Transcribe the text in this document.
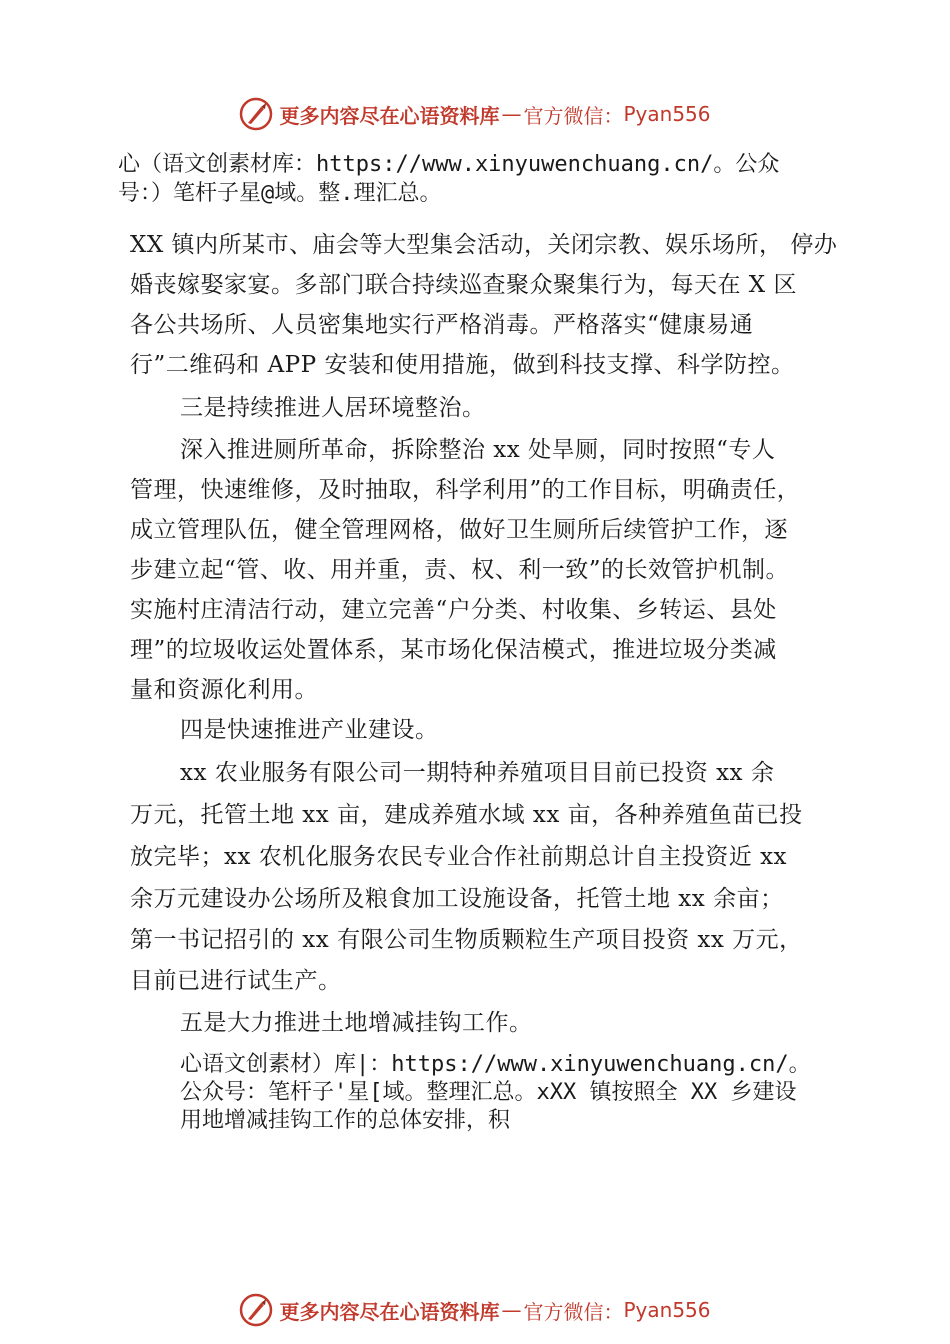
更多内容尽在心语资料库 — 官方微信： Pyan556
心（语文创素材库：https://www.xinyuwenchuang.cn/。公众
号：）笔杆子星@域。整.理汇总。
XX 镇内所某市、庙会等大型集会活动，关闭宗教、娱乐场所， 停办
婚丧嫁娶家宴。多部门联合持续巡查聚众聚集行为，每天在 X 区
各公共场所、人员密集地实行严格消毒。严格落实“健康易通
行”二维码和 APP 安装和使用措施，做到科技支撑、科学防控。
三是持续推进人居环境整治。
深入推进厕所革命，拆除整治 xx 处旱厕，同时按照“专人
管理，快速维修，及时抽取，科学利用”的工作目标，明确责任，
成立管理队伍，健全管理网格，做好卫生厕所后续管护工作，逐
步建立起“管、收、用并重，责、权、利一致”的长效管护机制。
实施村庄清洁行动，建立完善“户分类、村收集、乡转运、县处
理”的垃圾收运处置体系，某市场化保洁模式，推进垃圾分类减
量和资源化利用。
四是快速推进产业建设。
xx 农业服务有限公司一期特种养殖项目目前已投资 xx 余
万元，托管土地 xx 亩，建成养殖水域 xx 亩，各种养殖鱼苗已投
放完毕；xx 农机化服务农民专业合作社前期总计自主投资近 xx
余万元建设办公场所及粮食加工设施设备，托管土地 xx 余亩；
第一书记招引的 xx 有限公司生物质颗粒生产项目投资 xx 万元，
目前已进行试生产。
五是大力推进土地增减挂钩工作。
心语文创素材）库|：https://www.xinyuwenchuang.cn/。
公众号：笔杆子'星[域。整理汇总。xXX 镇按照全 XX 乡建设
用地增减挂钩工作的总体安排，积
更多内容尽在心语资料库 — 官方微信： Pyan556
